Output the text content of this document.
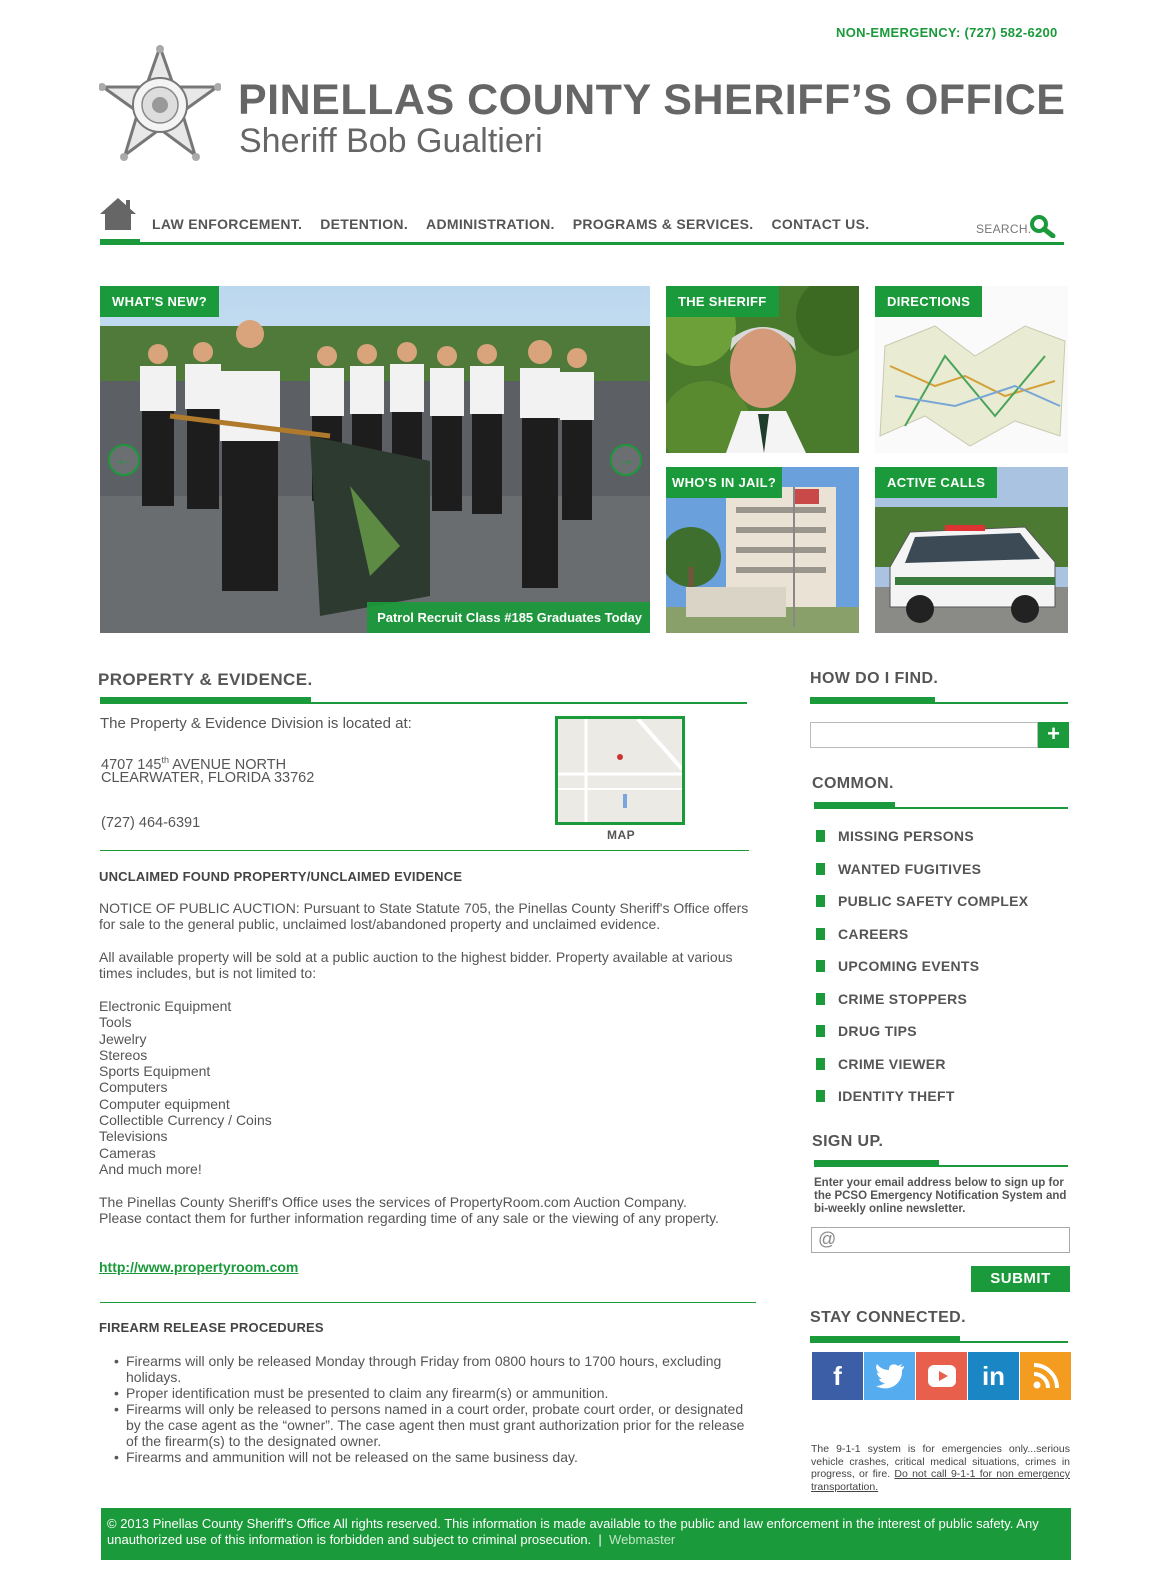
NON-EMERGENCY: (727) 582-6200
PINELLAS COUNTY SHERIFF’S OFFICE
Sheriff Bob Gualtieri
LAW ENFORCEMENT. DETENTION. ADMINISTRATION. PROGRAMS & SERVICES. CONTACT US.	SEARCH.
WHAT'S NEW?
←	→
Patrol Recruit Class #185 Graduates Today
THE SHERIFF	DIRECTIONS
WHO'S IN JAIL?	ACTIVE CALLS
PROPERTY & EVIDENCE.
The Property & Evidence Division is located at:
4707 145th AVENUE NORTH
CLEARWATER, FLORIDA 33762
(727) 464-6391
MAP
UNCLAIMED FOUND PROPERTY/UNCLAIMED EVIDENCE
NOTICE OF PUBLIC AUCTION: Pursuant to State Statute 705, the Pinellas County Sheriff's Office offers for sale to the general public, unclaimed lost/abandoned property and unclaimed evidence.
All available property will be sold at a public auction to the highest bidder. Property available at various times includes, but is not limited to:
Electronic Equipment
Tools
Jewelry
Stereos
Sports Equipment
Computers
Computer equipment
Collectible Currency / Coins
Televisions
Cameras
And much more!
The Pinellas County Sheriff's Office uses the services of PropertyRoom.com Auction Company. Please contact them for further information regarding time of any sale or the viewing of any property.
http://www.propertyroom.com
FIREARM RELEASE PROCEDURES
• Firearms will only be released Monday through Friday from 0800 hours to 1700 hours, excluding holidays.
• Proper identification must be presented to claim any firearm(s) or ammunition.
• Firearms will only be released to persons named in a court order, probate court order, or designated by the case agent as the “owner”. The case agent then must grant authorization prior for the release of the firearm(s) to the designated owner.
• Firearms and ammunition will not be released on the same business day.
HOW DO I FIND.
+
COMMON.
MISSING PERSONS
WANTED FUGITIVES
PUBLIC SAFETY COMPLEX
CAREERS
UPCOMING EVENTS
CRIME STOPPERS
DRUG TIPS
CRIME VIEWER
IDENTITY THEFT
SIGN UP.
Enter your email address below to sign up for the PCSO Emergency Notification System and bi-weekly online newsletter.
@
SUBMIT
STAY CONNECTED.
f	in
The 9-1-1 system is for emergencies only...serious vehicle crashes, critical medical situations, crimes in progress, or fire. Do not call 9-1-1 for non emergency transportation.
© 2013 Pinellas County Sheriff's Office All rights reserved. This information is made available to the public and law enforcement in the interest of public safety. Any unauthorized use of this information is forbidden and subject to criminal prosecution. | Webmaster
